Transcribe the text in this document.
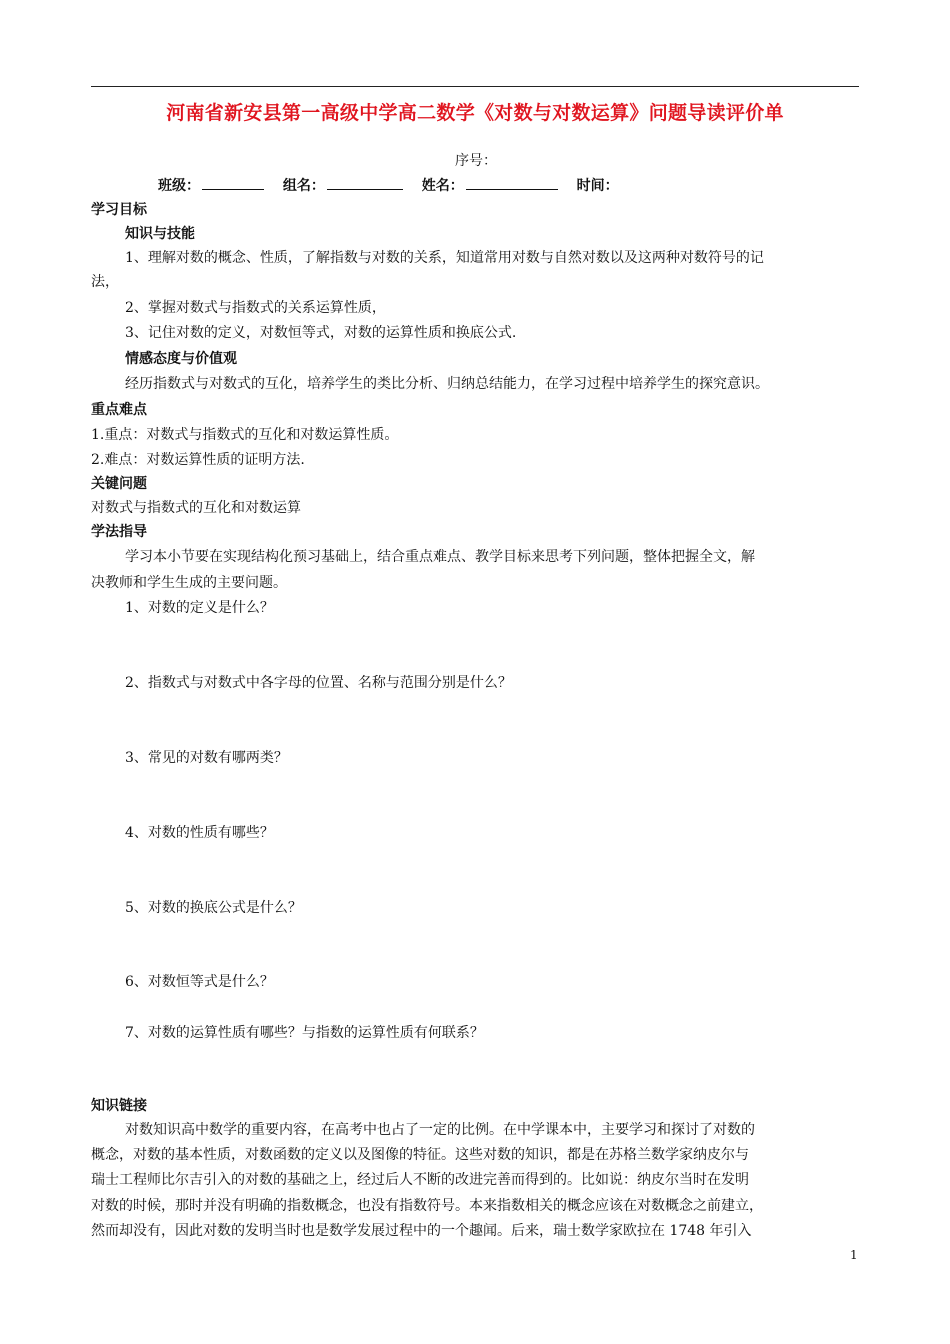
河南省新安县第一高级中学高二数学《对数与对数运算》问题导读评价单
序号：
班级：	组名：	姓名：	时间：
学习目标
知识与技能
1、理解对数的概念、性质，了解指数与对数的关系，知道常用对数与自然对数以及这两种对数符号的记
法，
2、掌握对数式与指数式的关系运算性质，
3、记住对数的定义，对数恒等式，对数的运算性质和换底公式.
情感态度与价值观
经历指数式与对数式的互化，培养学生的类比分析、归纳总结能力，在学习过程中培养学生的探究意识。
重点难点
1.重点：对数式与指数式的互化和对数运算性质。
2.难点：对数运算性质的证明方法.
关键问题
对数式与指数式的互化和对数运算
学法指导
学习本小节要在实现结构化预习基础上，结合重点难点、教学目标来思考下列问题，整体把握全文，解
决教师和学生生成的主要问题。
1、对数的定义是什么？
2、指数式与对数式中各字母的位置、名称与范围分别是什么？
3、常见的对数有哪两类？
4、对数的性质有哪些？
5、对数的换底公式是什么？
6、对数恒等式是什么？
7、对数的运算性质有哪些？与指数的运算性质有何联系？
知识链接
对数知识高中数学的重要内容，在高考中也占了一定的比例。在中学课本中，主要学习和探讨了对数的
概念，对数的基本性质，对数函数的定义以及图像的特征。这些对数的知识，都是在苏格兰数学家纳皮尔与
瑞士工程师比尔吉引入的对数的基础之上，经过后人不断的改进完善而得到的。比如说：纳皮尔当时在发明
对数的时候，那时并没有明确的指数概念，也没有指数符号。本来指数相关的概念应该在对数概念之前建立，
然而却没有，因此对数的发明当时也是数学发展过程中的一个趣闻。后来，瑞士数学家欧拉在 1748 年引入
1
